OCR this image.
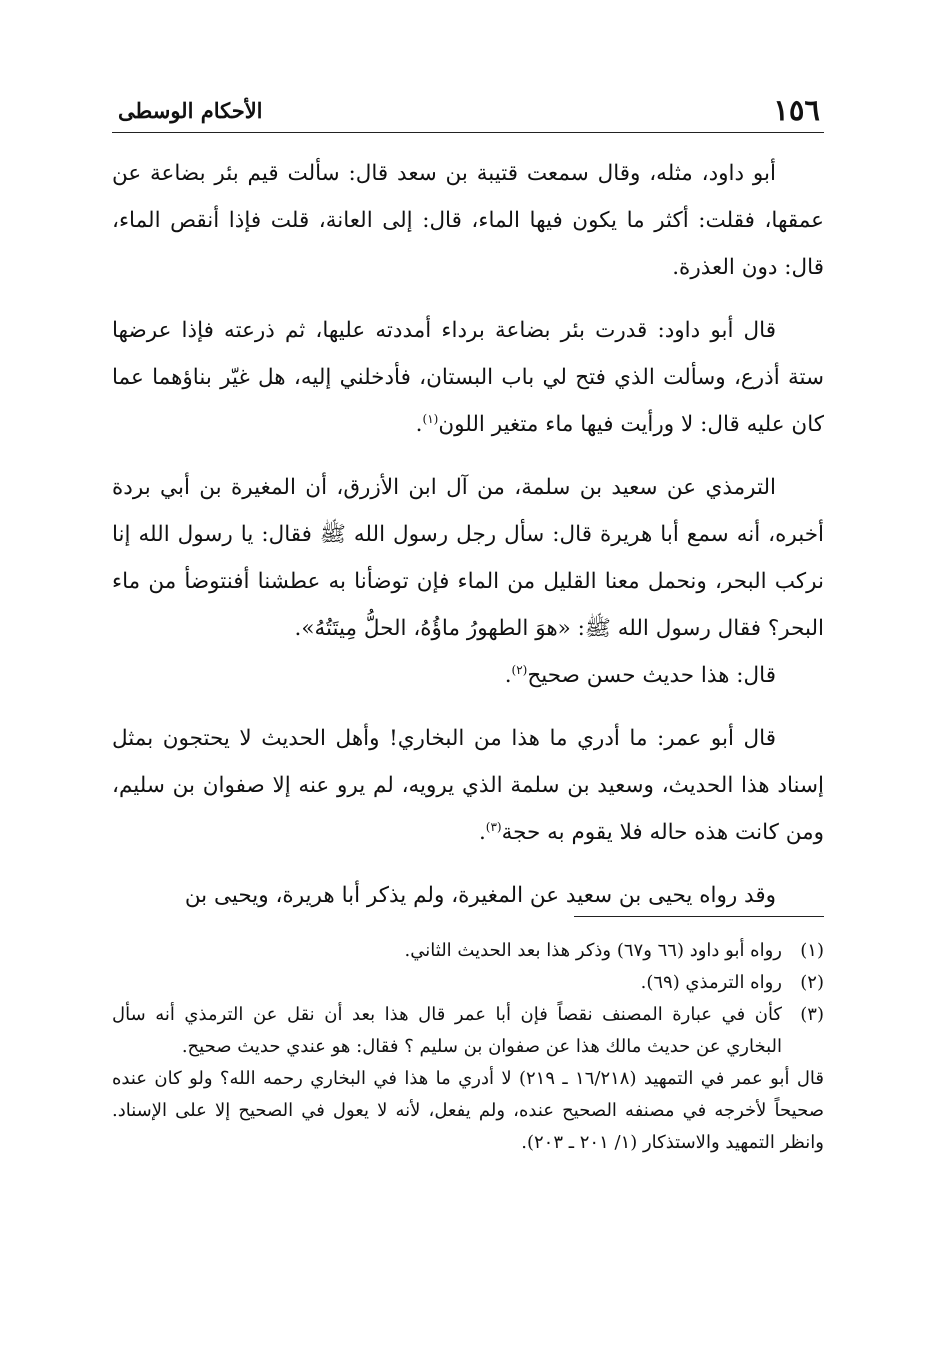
١٥٦
الأحكام الوسطى

أبو داود، مثله، وقال سمعت قتيبة بن سعد قال: سألت قيم بئر بضاعة عن عمقها، فقلت: أكثر ما يكون فيها الماء، قال: إلى العانة، قلت فإذا أنقص الماء، قال: دون العذرة.

قال أبو داود: قدرت بئر بضاعة برداء أمددته عليها، ثم ذرعته فإذا عرضها ستة أذرع، وسألت الذي فتح لي باب البستان، فأدخلني إليه، هل غيّر بناؤهما عما كان عليه قال: لا ورأيت فيها ماء متغير اللون$^{(١)}$.

الترمذي عن سعيد بن سلمة، من آل ابن الأزرق، أن المغيرة بن أبي بردة أخبره، أنه سمع أبا هريرة قال: سأل رجل رسول الله ﷺ فقال: يا رسول الله إنا نركب البحر، ونحمل معنا القليل من الماء فإن توضأنا به عطشنا أفنتوضأ من ماء البحر؟ فقال رسول الله ﷺ: «هوَ الطهورُ ماؤُهُ، الحلُّ مِيتَتُهُ».

قال: هذا حديث حسن صحيح$^{(٢)}$.

قال أبو عمر: ما أدري ما هذا من البخاري! وأهل الحديث لا يحتجون بمثل إسناد هذا الحديث، وسعيد بن سلمة الذي يرويه، لم يرو عنه إلا صفوان بن سليم، ومن كانت هذه حاله فلا يقوم به حجة$^{(٣)}$.

وقد رواه يحيى بن سعيد عن المغيرة، ولم يذكر أبا هريرة، ويحيى بن

(١)
رواه أبو داود (٦٦ و٦٧) وذكر هذا بعد الحديث الثاني.
(٢)
رواه الترمذي (٦٩).
(٣)
كأن في عبارة المصنف نقصاً فإن أبا عمر قال هذا بعد أن نقل عن الترمذي أنه سأل البخاري عن حديث مالك هذا عن صفوان بن سليم ؟ فقال: هو عندي حديث صحيح.

قال أبو عمر في التمهيد (١٦/٢١٨ ـ ٢١٩) لا أدري ما هذا في البخاري رحمه الله؟ ولو كان عنده صحيحاً لأخرجه في مصنفه الصحيح عنده، ولم يفعل، لأنه لا يعول في الصحيح إلا على الإسناد. وانظر التمهيد والاستذكار (١/ ٢٠١ ـ ٢٠٣).
